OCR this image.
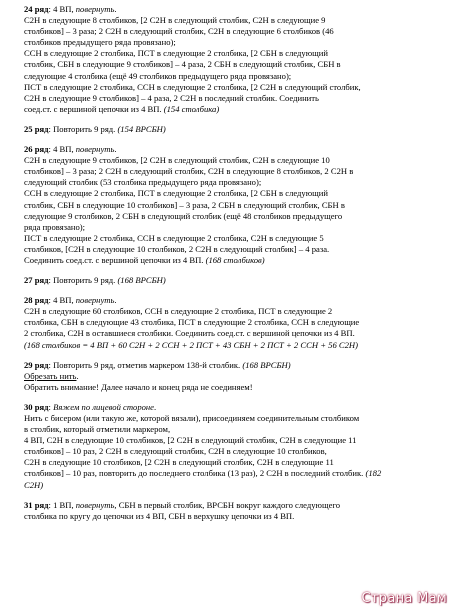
24 ряд: 4 ВП, повернуть.
С2Н в следующие 8 столбиков, [2 С2Н в следующий столбик, С2Н в следующие 9
столбиков] – 3 раза; 2 С2Н в следующий столбик, С2Н в следующие 6 столбиков (46
столбиков предыдущего ряда провязано);
ССН в следующие 2 столбика, ПСТ в следующие 2 столбика, [2 СБН в следующий
столбик, СБН в следующие 9 столбиков] – 4 раза, 2 СБН в следующий столбик, СБН в
следующие 4 столбика (ещё 49 столбиков предыдущего ряда провязано);
ПСТ в следующие 2 столбика, ССН в следующие 2 столбика, [2 С2Н в следующий столбик,
С2Н в следующие 9 столбиков] – 4 раза, 2 С2Н в последний столбик. Соединить
соед.ст. с вершиной цепочки из 4 ВП. (154 столбика)
25 ряд: Повторить 9 ряд. (154 ВРСБН)
26 ряд: 4 ВП, повернуть.
С2Н в следующие 9 столбиков, [2 С2Н в следующий столбик, С2Н в следующие 10
столбиков] – 3 раза; 2 С2Н в следующий столбик, С2Н в следующие 8 столбиков, 2 С2Н в
следующий столбик (53 столбика предыдущего ряда провязано);
ССН в следующие 2 столбика, ПСТ в следующие 2 столбика, [2 СБН в следующий
столбик, СБН в следующие 10 столбиков] – 3 раза, 2 СБН в следующий столбик, СБН в
следующие 9 столбиков, 2 СБН в следующий столбик (ещё 48 столбиков предыдущего
ряда провязано);
ПСТ в следующие 2 столбика, ССН в следующие 2 столбика, С2Н в следующие 5
столбиков, [С2Н в следующие 10 столбиков, 2 С2Н в следующий столбик] – 4 раза.
Соединить соед.ст. с вершиной цепочки из 4 ВП. (168 столбиков)
27 ряд: Повторить 9 ряд. (168 ВРСБН)
28 ряд: 4 ВП, повернуть.
С2Н в следующие 60 столбиков, ССН в следующие 2 столбика, ПСТ в следующие 2
столбика, СБН в следующие 43 столбика, ПСТ в следующие 2 столбика, ССН в следующие
2 столбика, С2Н в оставшиеся столбики. Соединить соед.ст. с вершиной цепочки из 4 ВП.
(168 столбиков = 4 ВП + 60 С2Н + 2 ССН + 2 ПСТ + 43 СБН + 2 ПСТ + 2 ССН + 56 С2Н)
29 ряд: Повторить 9 ряд, отметив маркером 138-й столбик. (168 ВРСБН)
Обрезать нить.
Обратить внимание! Далее начало и конец ряда не соединяем!
30 ряд: Вяжем по лицевой стороне.
Нить с бисером (или такую же, которой вязали), присоединяем соединительным столбиком
в столбик, который отметили маркером,
4 ВП, С2Н в следующие 10 столбиков, [2 С2Н в следующий столбик, С2Н в следующие 11
столбиков] – 10 раз, 2 С2Н в следующий столбик, С2Н в следующие 10 столбиков,
С2Н в следующие 10 столбиков, [2 С2Н в следующий столбик, С2Н в следующие 11
столбиков] – 10 раз, повторить до последнего столбика (13 раз), 2 С2Н в последний столбик. (182
С2Н)
31 ряд: 1 ВП, повернуть, СБН в первый столбик, ВРСБН вокруг каждого следующего
столбика по кругу до цепочки из 4 ВП, СБН в верхушку цепочки из 4 ВП.
Страна Мам
